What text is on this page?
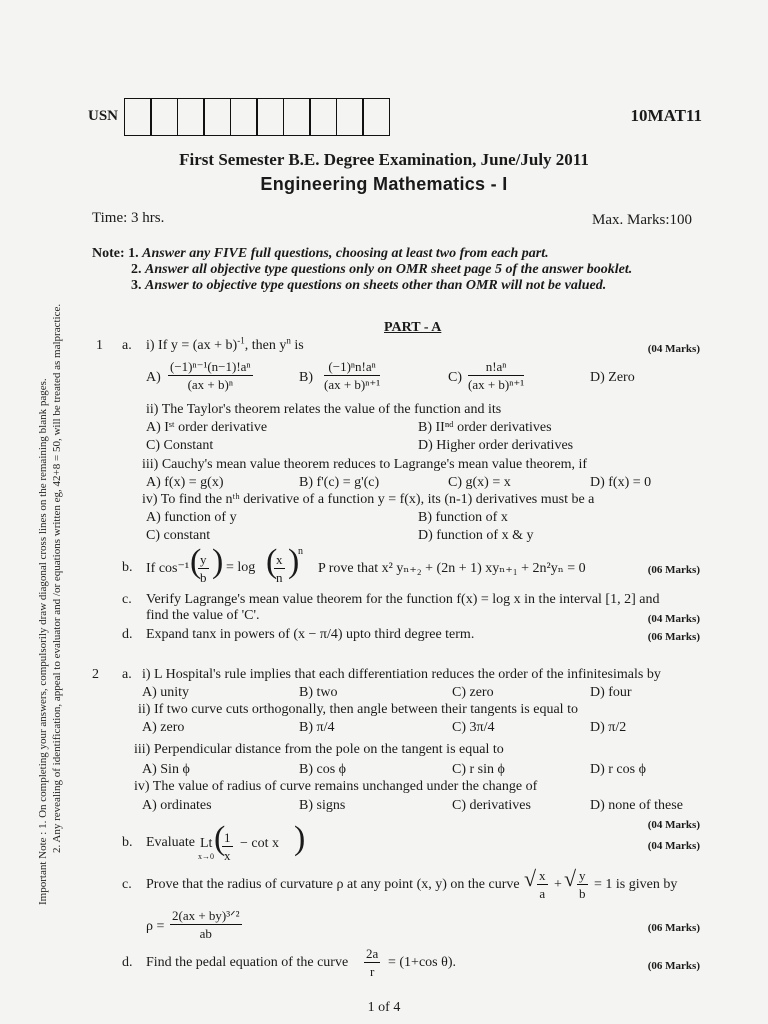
Important Note : 1. On completing your answers, compulsorily draw diagonal cross lines on the remaining blank pages. 2. Any revealing of identification, appeal to evaluator and /or equations written eg, 42+8 = 50, will be treated as malpractice.
USN	10MAT11
First Semester B.E. Degree Examination, June/July 2011
Engineering Mathematics - I
Time: 3 hrs.	Max. Marks:100
Note: 1. Answer any FIVE full questions, choosing at least two from each part.
2. Answer all objective type questions only on OMR sheet page 5 of the answer booklet.
3. Answer to objective type questions on sheets other than OMR will not be valued.
PART - A
1 a. i) If y = (ax + b)$^{-1}$, then $y^n$ is	(04 Marks)
$A) \frac{\text{(−1)ⁿ⁻¹(n−1)!aⁿ}}{\text{(ax + b)ⁿ}}$	$B) \frac{\text{(−1)ⁿn!aⁿ}}{\text{(ax + b)ⁿ⁺¹}}$	$C) \frac{\text{n!aⁿ}}{\text{(ax + b)ⁿ⁺¹}}$	D) Zero
ii) The Taylor's theorem relates the value of the function and its
A) Iˢᵗ order derivative	B) IIⁿᵈ order derivatives
C) Constant	D) Higher order derivatives
iii) Cauchy's mean value theorem reduces to Lagrange's mean value theorem, if
A) f(x) = g(x)	B) f'(c) = g'(c)	C) g(x) = x	D) f(x) = 0
iv) To find the nᵗʰ derivative of a function y = f(x), its (n-1) derivatives must be a
A) function of y	B) function of x
C) constant	D) function of x & y
b. If cos⁻¹ (
$\frac{y}{b}$ ) = log (
$\frac{x}{n}$ )
n
P rove that x² yₙ₊₂ + (2n + 1) xyₙ₊₁ + 2n²yₙ = 0	(06 Marks)
c. Verify Lagrange's mean value theorem for the function f(x) = log x in the interval [1, 2] and
find the value of 'C'.	(04 Marks)
d. Expand tanx in powers of (x − π/4) upto third degree term.	(06 Marks)
2 a. i) L Hospital's rule implies that each differentiation reduces the order of the infinitesimals by
A) unity	B) two	C) zero	D) four
ii) If two curve cuts orthogonally, then angle between their tangents is equal to
A) zero	B) π/4	C) 3π/4	D) π/2
iii) Perpendicular distance from the pole on the tangent is equal to
A) Sin ϕ	B) cos ϕ	C) r sin ϕ	D) r cos ϕ
iv) The value of radius of curve remains unchanged under the change of
A) ordinates	B) signs	C) derivatives	D) none of these
(04 Marks)
b. Evaluate Lt
x→0 (
$\frac{1}{x} - \cot x$ )	(04 Marks)
c. Prove that the radius of curvature ρ at any point (x, y) on the curve √ $\frac{x}{a}$ + √ $\frac{y}{b} = 1$ is given by
ρ =
2(ax + by)³ᐟ²
ab	(06 Marks)
d. Find the pedal equation of the curve $\frac{2a}{r} = (1+\cos$ θ).	(06 Marks)
1 of 4
